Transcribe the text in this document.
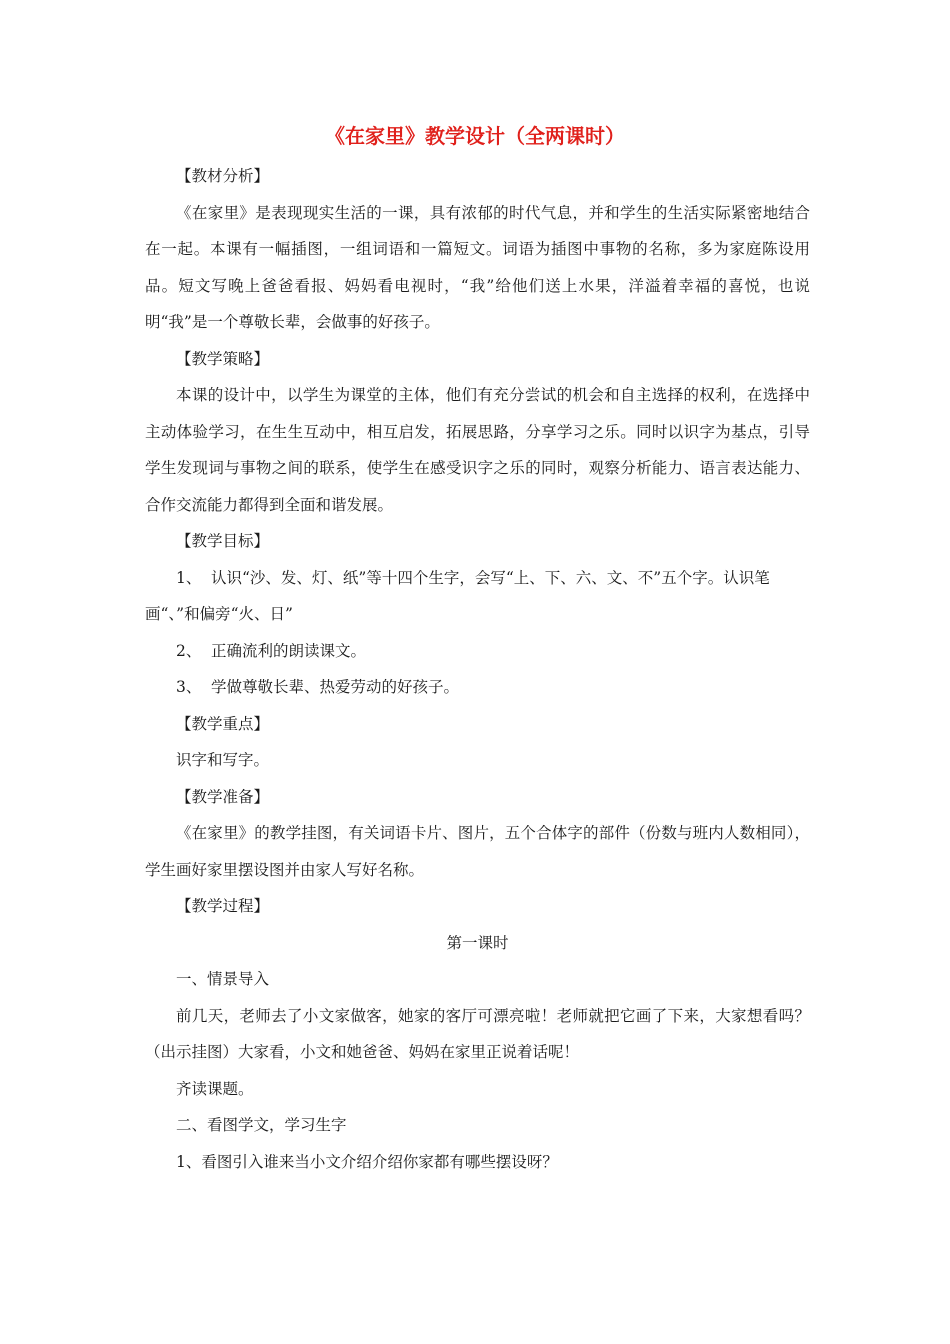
《在家里》教学设计（全两课时）

【教材分析】

《在家里》是表现现实生活的一课，具有浓郁的时代气息，并和学生的生活实际紧密地结合在一起。本课有一幅插图，一组词语和一篇短文。词语为插图中事物的名称，多为家庭陈设用品。短文写晚上爸爸看报、妈妈看电视时，“我”给他们送上水果，洋溢着幸福的喜悦，也说明“我”是一个尊敬长辈，会做事的好孩子。

【教学策略】

本课的设计中，以学生为课堂的主体，他们有充分尝试的机会和自主选择的权利，在选择中主动体验学习，在生生互动中，相互启发，拓展思路，分享学习之乐。同时以识字为基点，引导学生发现词与事物之间的联系，使学生在感受识字之乐的同时，观察分析能力、语言表达能力、合作交流能力都得到全面和谐发展。

【教学目标】

1、 认识“沙、发、灯、纸”等十四个生字，会写“上、下、六、文、不”五个字。认识笔画“、”和偏旁“火、日”

2、 正确流利的朗读课文。

3、 学做尊敬长辈、热爱劳动的好孩子。

【教学重点】

识字和写字。

【教学准备】

《在家里》的教学挂图，有关词语卡片、图片，五个合体字的部件（份数与班内人数相同），学生画好家里摆设图并由家人写好名称。

【教学过程】

第一课时

一、情景导入

前几天，老师去了小文家做客，她家的客厅可漂亮啦！老师就把它画了下来，大家想看吗？（出示挂图）大家看，小文和她爸爸、妈妈在家里正说着话呢！

齐读课题。

二、看图学文，学习生字

1、看图引入谁来当小文介绍介绍你家都有哪些摆设呀？
